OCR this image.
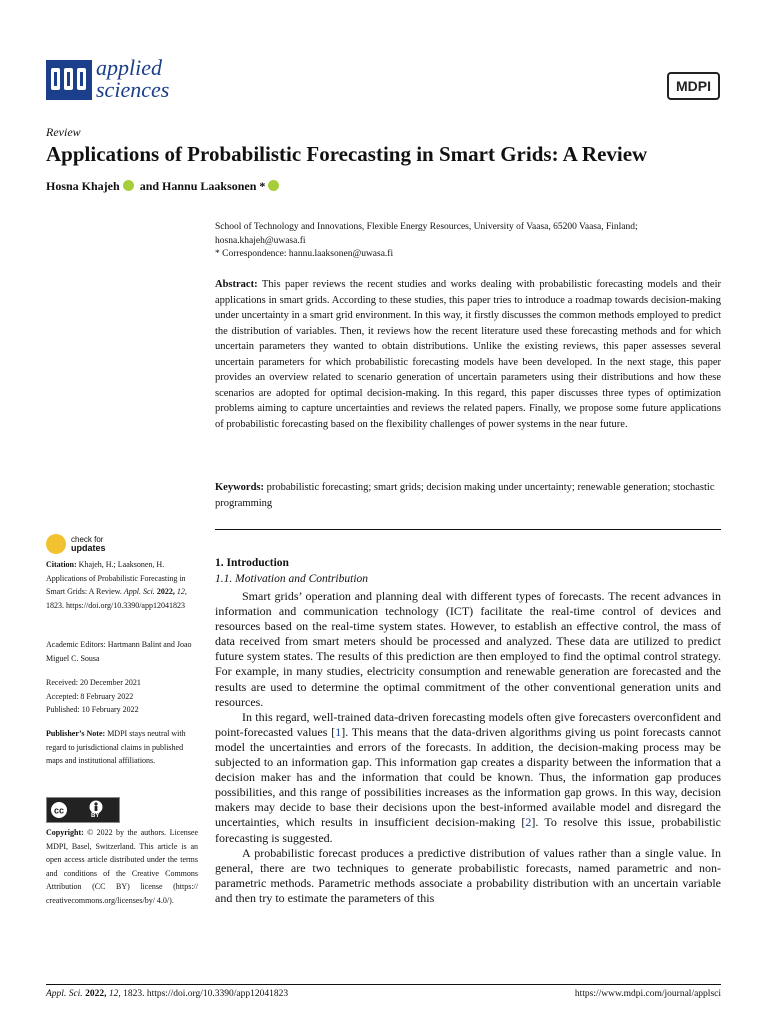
applied
sciences	MDPI
Review
Applications of Probabilistic Forecasting in Smart Grids: A Review
Hosna Khajeh and Hannu Laaksonen *
School of Technology and Innovations, Flexible Energy Resources, University of Vaasa, 65200 Vaasa, Finland; hosna.khajeh@uwasa.fi
* Correspondence: hannu.laaksonen@uwasa.fi
Abstract: This paper reviews the recent studies and works dealing with probabilistic forecasting models and their applications in smart grids. According to these studies, this paper tries to introduce a roadmap towards decision-making under uncertainty in a smart grid environment. In this way, it firstly discusses the common methods employed to predict the distribution of variables. Then, it reviews how the recent literature used these forecasting methods and for which uncertain parameters they wanted to obtain distributions. Unlike the existing reviews, this paper assesses several uncertain parameters for which probabilistic forecasting models have been developed. In the next stage, this paper provides an overview related to scenario generation of uncertain parameters using their distributions and how these scenarios are adopted for optimal decision-making. In this regard, this paper discusses three types of optimization problems aiming to capture uncertainties and reviews the related papers. Finally, we propose some future applications of probabilistic forecasting based on the flexibility challenges of power systems in the near future.
Keywords: probabilistic forecasting; smart grids; decision making under uncertainty; renewable generation; stochastic programming
check for
updates
Citation: Khajeh, H.; Laaksonen, H. Applications of Probabilistic Forecasting in Smart Grids: A Review. Appl. Sci. 2022, 12, 1823. https://doi.org/10.3390/app12041823
Academic Editors: Hartmann Balint and Joao Miguel C. Sousa
Received: 20 December 2021
Accepted: 8 February 2022
Published: 10 February 2022
Publisher’s Note: MDPI stays neutral with regard to jurisdictional claims in published maps and institutional affiliations.
cc
BY
Copyright: © 2022 by the authors. Licensee MDPI, Basel, Switzerland. This article is an open access article distributed under the terms and conditions of the Creative Commons Attribution (CC BY) license (https:// creativecommons.org/licenses/by/ 4.0/).
1. Introduction
1.1. Motivation and Contribution

Smart grids’ operation and planning deal with different types of forecasts. The recent advances in information and communication technology (ICT) facilitate the real-time control of devices and resources based on the real-time system states. However, to establish an effective control, the mass of data received from smart meters should be processed and analyzed. These data are utilized to predict future system states. The results of this prediction are then employed to find the optimal control strategy. For example, in many studies, electricity consumption and renewable generation are forecasted and the results are used to determine the optimal commitment of the other conventional generation units and resources.

In this regard, well-trained data-driven forecasting models often give forecasters overconfident and point-forecasted values [1]. This means that the data-driven algorithms giving us point forecasts cannot model the uncertainties and errors of the forecasts. In addition, the decision-making process may be subjected to an information gap. This information gap creates a disparity between the information that a decision maker has and the information that could be known. Thus, the information gap produces possibilities, and this range of possibilities increases as the information gap grows. In this way, decision makers may decide to base their decisions upon the best-informed available model and disregard the uncertainties, which results in insufficient decision-making [2]. To resolve this issue, probabilistic forecasting is suggested.

A probabilistic forecast produces a predictive distribution of values rather than a single value. In general, there are two techniques to generate probabilistic forecasts, named parametric and non-parametric methods. Parametric methods associate a probability distribution with an uncertain variable and then try to estimate the parameters of this

Appl. Sci. 2022, 12, 1823. https://doi.org/10.3390/app12041823	https://www.mdpi.com/journal/applsci
